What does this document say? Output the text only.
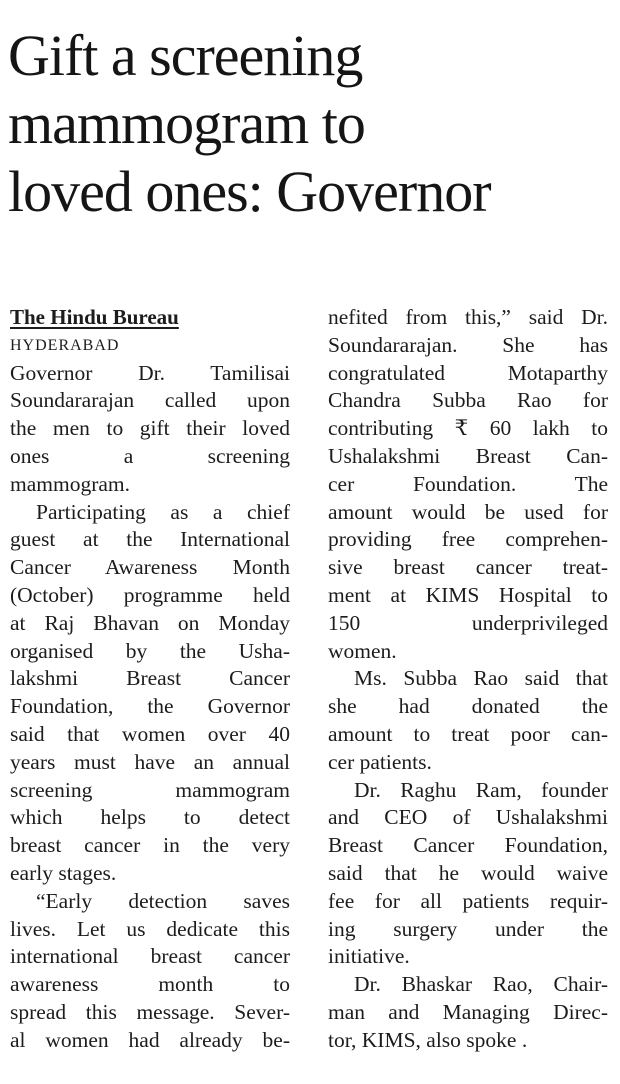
Gift a screening
mammogram to
loved ones: Governor
The Hindu Bureau
HYDERABAD
Governor Dr. Tamilisai
Soundararajan called upon
the men to gift their loved
ones a screening
mammogram.
Participating as a chief
guest at the International
Cancer Awareness Month
(October) programme held
at Raj Bhavan on Monday
organised by the Usha-
lakshmi Breast Cancer
Foundation, the Governor
said that women over 40
years must have an annual
screening mammogram
which helps to detect
breast cancer in the very
early stages.
“Early detection saves
lives. Let us dedicate this
international breast cancer
awareness month to
spread this message. Sever-
al women had already be-
nefited from this,” said Dr.
Soundararajan. She has
congratulated Motaparthy
Chandra Subba Rao for
contributing ₹ 60 lakh to
Ushalakshmi Breast Can-
cer Foundation. The
amount would be used for
providing free comprehen-
sive breast cancer treat-
ment at KIMS Hospital to
150 underprivileged
women.
Ms. Subba Rao said that
she had donated the
amount to treat poor can-
cer patients.
Dr. Raghu Ram, founder
and CEO of Ushalakshmi
Breast Cancer Foundation,
said that he would waive
fee for all patients requir-
ing surgery under the
initiative.
Dr. Bhaskar Rao, Chair-
man and Managing Direc-
tor, KIMS, also spoke .
